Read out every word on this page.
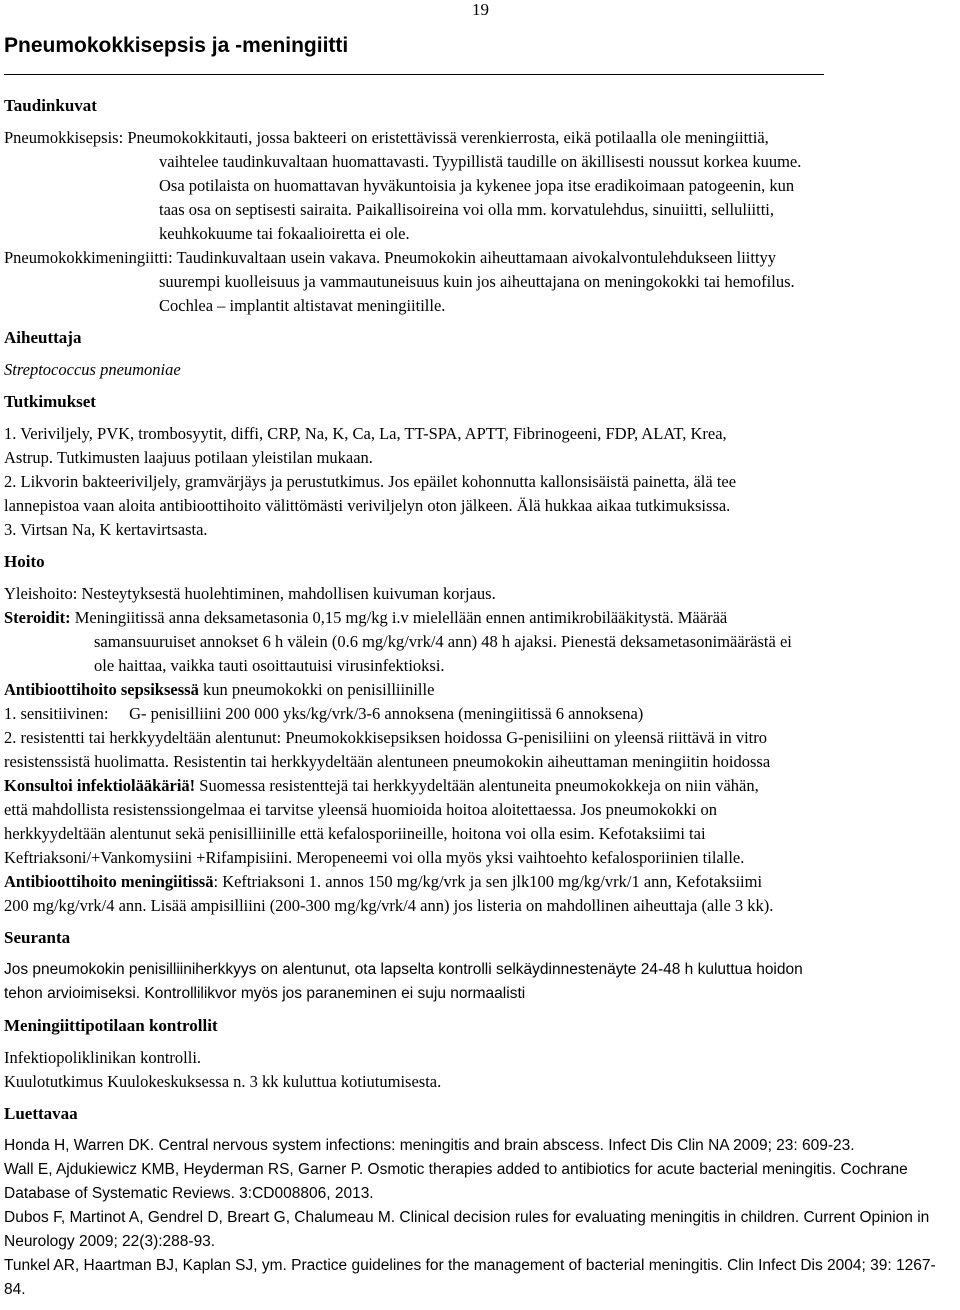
19
Pneumokokkisepsis ja -meningiitti

Taudinkuvat

Pneumokkisepsis:
Pneumokokkitauti, jossa bakteeri on eristettävissä verenkierrosta, eikä potilaalla ole meningiittiä,

vaihtelee taudinkuvaltaan huomattavasti. Tyypillistä taudille on äkillisesti noussut korkea kuume.

Osa potilaista on huomattavan hyväkuntoisia ja kykenee jopa itse eradikoimaan patogeenin, kun

taas osa on septisesti sairaita. Paikallisoireina voi olla mm. korvatulehdus, sinuiitti, selluliitti,

keuhkokuume tai fokaalioiretta ei ole.

Pneumokokkimeningiitti: Taudinkuvaltaan usein vakava. Pneumokokin aiheuttamaan aivokalvontulehdukseen liittyy

suurempi kuolleisuus ja vammautuneisuus kuin jos aiheuttajana on meningokokki tai hemofilus.

Cochlea – implantit altistavat meningiitille.

Aiheuttaja

Streptococcus pneumoniae

Tutkimukset

1. Veriviljely, PVK, trombosyytit, diffi, CRP, Na, K, Ca, La, TT-SPA, APTT, Fibrinogeeni, FDP, ALAT, Krea,

Astrup. Tutkimusten laajuus potilaan yleistilan mukaan.

2. Likvorin bakteeriviljely, gramvärjäys ja perustutkimus. Jos epäilet kohonnutta kallonsisäistä painetta, älä tee

lannepistoa vaan aloita antibioottihoito välittömästi veriviljelyn oton jälkeen. Älä hukkaa aikaa tutkimuksissa.

3. Virtsan Na, K kertavirtsasta.

Hoito

Yleishoito: Nesteytyksestä huolehtiminen, mahdollisen kuivuman korjaus.

Steroidit: Meningiitissä anna deksametasonia 0,15 mg/kg i.v mielellään ennen antimikrobilääkitystä. Määrää

samansuuruiset annokset 6 h välein (0.6 mg/kg/vrk/4 ann) 48 h ajaksi. Pienestä deksametasonimäärästä ei

ole haittaa, vaikka tauti osoittautuisi virusinfektioksi.

Antibioottihoito sepsiksessä kun pneumokokki on penisilliinille

1. sensitiivinen:     G- penisilliini 200 000 yks/kg/vrk/3-6 annoksena (meningiitissä 6 annoksena)

2. resistentti tai herkkyydeltään alentunut: Pneumokokkisepsiksen hoidossa G-penisiliini on yleensä riittävä in vitro

resistenssistä huolimatta. Resistentin tai herkkyydeltään alentuneen pneumokokin aiheuttaman meningiitin hoidossa

Konsultoi infektiolääkäriä! Suomessa resistenttejä tai herkkyydeltään alentuneita pneumokokkeja on niin vähän,

että mahdollista resistenssiongelmaa ei tarvitse yleensä huomioida hoitoa aloitettaessa. Jos pneumokokki on

herkkyydeltään alentunut sekä penisilliinille että kefalosporiineille, hoitona voi olla esim. Kefotaksiimi tai

Keftriaksoni/+Vankomysiini +Rifampisiini. Meropeneemi voi olla myös yksi vaihtoehto kefalosporiinien tilalle.

Antibioottihoito meningiitissä: Keftriaksoni 1. annos 150 mg/kg/vrk ja sen jlk100 mg/kg/vrk/1 ann, Kefotaksiimi

200 mg/kg/vrk/4 ann. Lisää ampisilliini (200-300 mg/kg/vrk/4 ann) jos listeria on mahdollinen aiheuttaja (alle 3 kk).

Seuranta

Jos pneumokokin penisilliiniherkkyys on alentunut, ota lapselta kontrolli selkäydinnestenäyte 24-48 h kuluttua hoidon

tehon arvioimiseksi. Kontrollilikvor myös jos paraneminen ei suju normaalisti

Meningiittipotilaan kontrollit

Infektiopoliklinikan kontrolli.

Kuulotutkimus Kuulokeskuksessa n. 3 kk kuluttua kotiutumisesta.

Luettavaa

Honda H, Warren DK. Central nervous system infections: meningitis and brain abscess. Infect Dis Clin NA 2009; 23: 609-23.

Wall E, Ajdukiewicz KMB, Heyderman RS, Garner P. Osmotic therapies added to antibiotics for acute bacterial meningitis. Cochrane Database of Systematic Reviews. 3:CD008806, 2013.

Dubos F, Martinot A, Gendrel D, Breart G, Chalumeau M. Clinical decision rules for evaluating meningitis in children. Current Opinion in Neurology 2009; 22(3):288-93.

Tunkel AR, Haartman BJ, Kaplan SJ, ym. Practice guidelines for the management of bacterial meningitis. Clin Infect Dis 2004; 39: 1267-84.
